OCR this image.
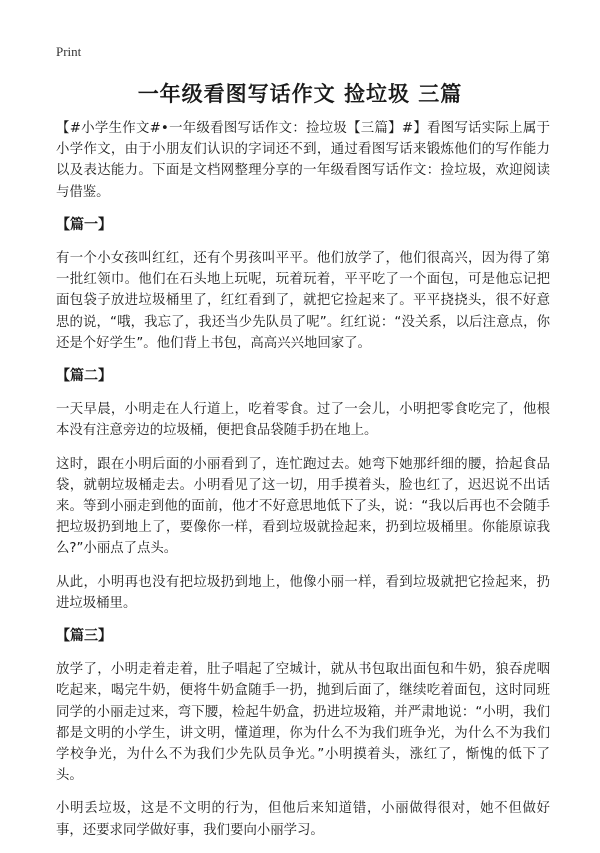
Print
一年级看图写话作文 捡垃圾 三篇

【#小学生作文#•一年级看图写话作文：捡垃圾【三篇】#】看图写话实际上属于小学作文，由于小朋友们认识的字词还不到，通过看图写话来锻炼他们的写作能力以及表达能力。下面是文档网整理分享的一年级看图写话作文：捡垃圾，欢迎阅读与借鉴。

【篇一】

有一个小女孩叫红红，还有个男孩叫平平。他们放学了，他们很高兴，因为得了第一批红领巾。他们在石头地上玩呢，玩着玩着，平平吃了一个面包，可是他忘记把面包袋子放进垃圾桶里了，红红看到了，就把它捡起来了。平平挠挠头，很不好意思的说，“哦，我忘了，我还当少先队员了呢”。红红说：“没关系，以后注意点，你还是个好学生”。他们背上书包，高高兴兴地回家了。

【篇二】

一天早晨，小明走在人行道上，吃着零食。过了一会儿，小明把零食吃完了，他根本没有注意旁边的垃圾桶，便把食品袋随手扔在地上。

这时，跟在小明后面的小丽看到了，连忙跑过去。她弯下她那纤细的腰，拾起食品袋，就朝垃圾桶走去。小明看见了这一切，用手摸着头，脸也红了，迟迟说不出话来。等到小丽走到他的面前，他才不好意思地低下了头，说：“我以后再也不会随手把垃圾扔到地上了，要像你一样，看到垃圾就捡起来，扔到垃圾桶里。你能原谅我么?”小丽点了点头。

从此，小明再也没有把垃圾扔到地上，他像小丽一样，看到垃圾就把它捡起来，扔进垃圾桶里。

【篇三】

放学了，小明走着走着，肚子唱起了空城计，就从书包取出面包和牛奶，狼吞虎咽吃起来，喝完牛奶，便将牛奶盒随手一扔，抛到后面了，继续吃着面包，这时同班同学的小丽走过来，弯下腰，检起牛奶盒，扔进垃圾箱，并严肃地说：“小明，我们都是文明的小学生，讲文明，懂道理，你为什么不为我们班争光，为什么不为我们学校争光，为什么不为我们少先队员争光。”小明摸着头，涨红了，惭愧的低下了头。

小明丢垃圾，这是不文明的行为，但他后来知道错，小丽做得很对，她不但做好事，还要求同学做好事，我们要向小丽学习。
